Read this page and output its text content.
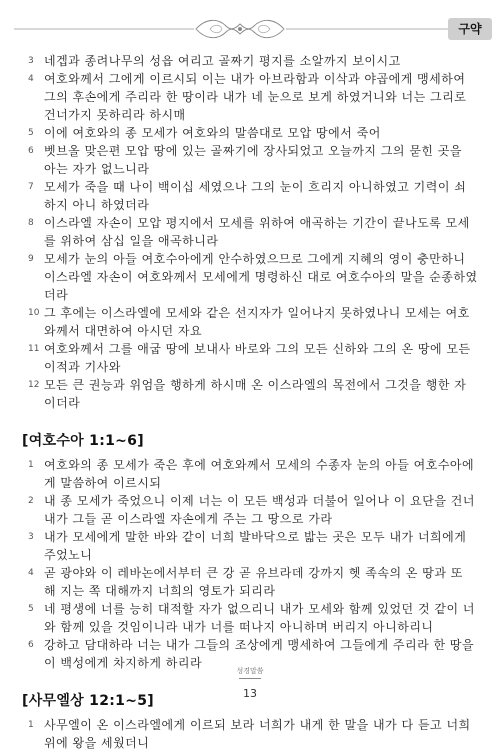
구약

3 네겝과 종려나무의 성읍 여리고 골짜기 평지를 소알까지 보이시고

4 여호와께서 그에게 이르시되 이는 내가 아브라함과 이삭과 야곱에게 맹세하여 그의 후손에게 주리라 한 땅이라 내가 네 눈으로 보게 하였거니와 너는 그리로 건너가지 못하리라 하시매

5 이에 여호와의 종 모세가 여호와의 말씀대로 모압 땅에서 죽어

6 벳브올 맞은편 모압 땅에 있는 골짜기에 장사되었고 오늘까지 그의 묻힌 곳을 아는 자가 없느니라

7 모세가 죽을 때 나이 백이십 세였으나 그의 눈이 흐리지 아니하였고 기력이 쇠하지 아니 하였더라

8 이스라엘 자손이 모압 평지에서 모세를 위하여 애곡하는 기간이 끝나도록 모세를 위하여 삼십 일을 애곡하니라

9 모세가 눈의 아들 여호수아에게 안수하였으므로 그에게 지혜의 영이 충만하니 이스라엘 자손이 여호와께서 모세에게 명령하신 대로 여호수아의 말을 순종하였더라

10 그 후에는 이스라엘에 모세와 같은 선지자가 일어나지 못하였나니 모세는 여호와께서 대면하여 아시던 자요

11 여호와께서 그를 애굽 땅에 보내사 바로와 그의 모든 신하와 그의 온 땅에 모든 이적과 기사와

12 모든 큰 권능과 위엄을 행하게 하시매 온 이스라엘의 목전에서 그것을 행한 자이더라

[여호수아 1:1~6]

1 여호와의 종 모세가 죽은 후에 여호와께서 모세의 수종자 눈의 아들 여호수아에게 말씀하여 이르시되

2 내 종 모세가 죽었으니 이제 너는 이 모든 백성과 더불어 일어나 이 요단을 건너 내가 그들 곧 이스라엘 자손에게 주는 그 땅으로 가라

3 내가 모세에게 말한 바와 같이 너희 발바닥으로 밟는 곳은 모두 내가 너희에게 주었노니

4 곧 광야와 이 레바논에서부터 큰 강 곧 유브라데 강까지 헷 족속의 온 땅과 또 해 지는 쪽 대해까지 너희의 영토가 되리라

5 네 평생에 너를 능히 대적할 자가 없으리니 내가 모세와 함께 있었던 것 같이 너와 함께 있을 것임이니라 내가 너를 떠나지 아니하며 버리지 아니하리니

6 강하고 담대하라 너는 내가 그들의 조상에게 맹세하여 그들에게 주리라 한 땅을 이 백성에게 차지하게 하리라

[사무엘상 12:1~5]

1 사무엘이 온 이스라엘에게 이르되 보라 너희가 내게 한 말을 내가 다 듣고 너희 위에 왕을 세웠더니

성경말씀
13
